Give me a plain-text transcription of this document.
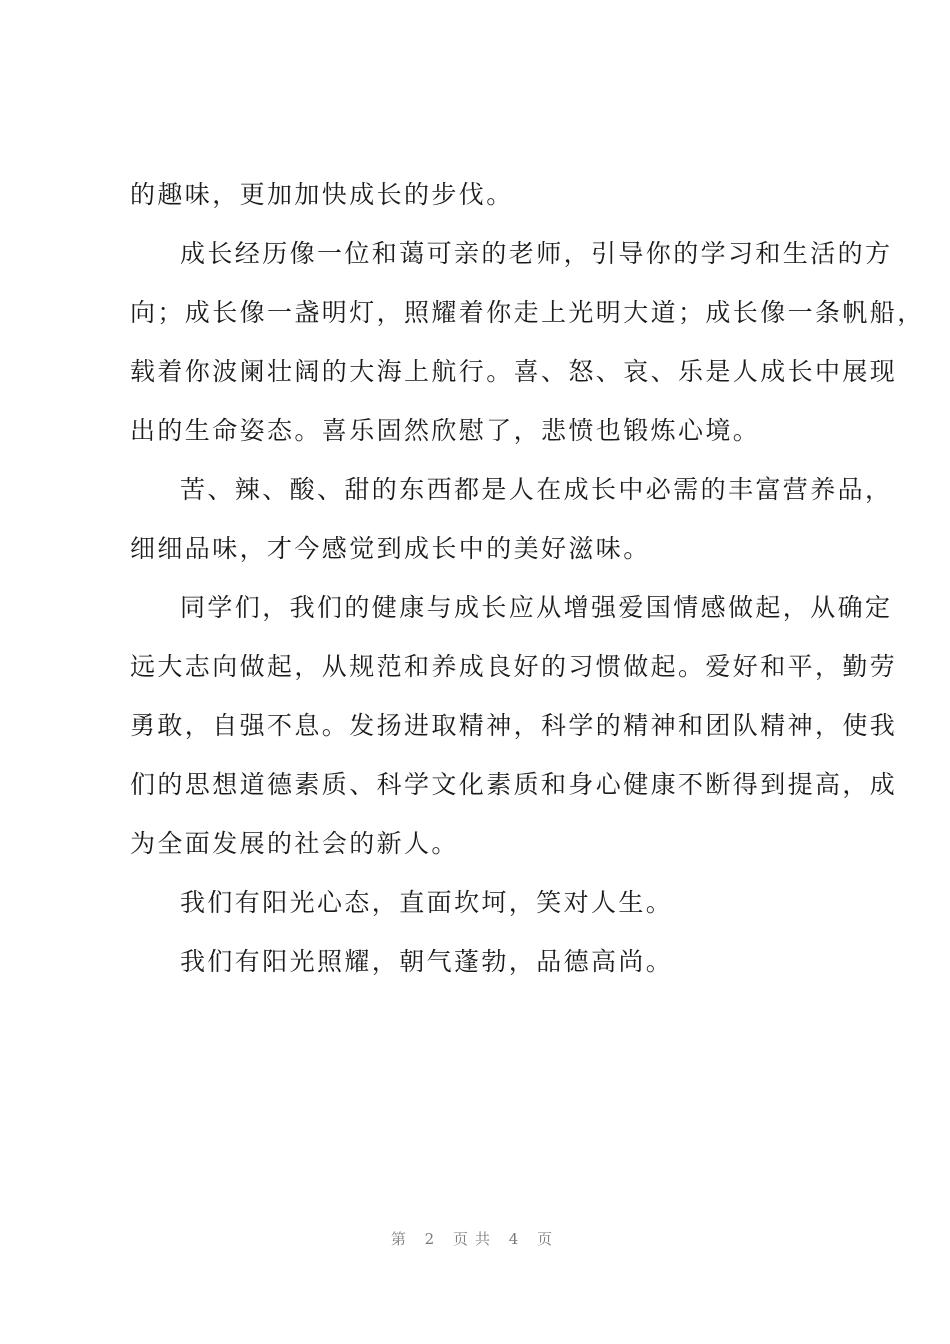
的趣味，更加加快成长的步伐。
成长经历像一位和蔼可亲的老师，引导你的学习和生活的方
向；成长像一盏明灯，照耀着你走上光明大道；成长像一条帆船，
载着你波阑壮阔的大海上航行。喜、怒、哀、乐是人成长中展现
出的生命姿态。喜乐固然欣慰了，悲愤也锻炼心境。
苦、辣、酸、甜的东西都是人在成长中必需的丰富营养品，
细细品味，才今感觉到成长中的美好滋味。
同学们，我们的健康与成长应从增强爱国情感做起，从确定
远大志向做起，从规范和养成良好的习惯做起。爱好和平，勤劳
勇敢，自强不息。发扬进取精神，科学的精神和团队精神，使我
们的思想道德素质、科学文化素质和身心健康不断得到提高，成
为全面发展的社会的新人。
我们有阳光心态，直面坎坷，笑对人生。
我们有阳光照耀，朝气蓬勃，品德高尚。
第 2 页共 4 页
